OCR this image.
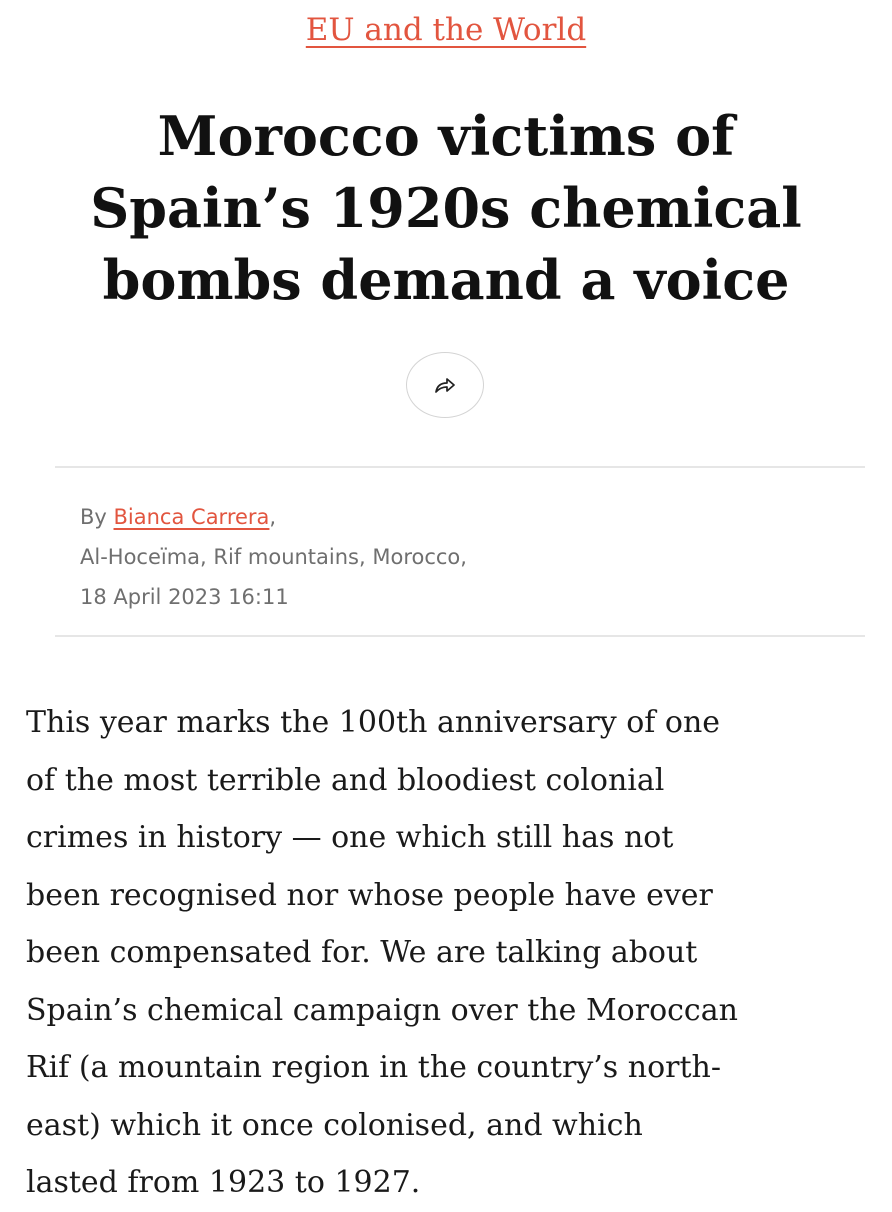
EU and the World
Morocco victims of
Spain’s 1920s chemical
bombs demand a voice
By Bianca Carrera,
Al-Hoceïma, Rif mountains, Morocco,
18 April 2023 16:11

This year marks the 100th anniversary of one
of the most terrible and bloodiest colonial
crimes in history — one which still has not
been recognised nor whose people have ever
been compensated for. We are talking about
Spain’s chemical campaign over the Moroccan
Rif (a mountain region in the country’s north-
east) which it once colonised, and which
lasted from 1923 to 1927.
